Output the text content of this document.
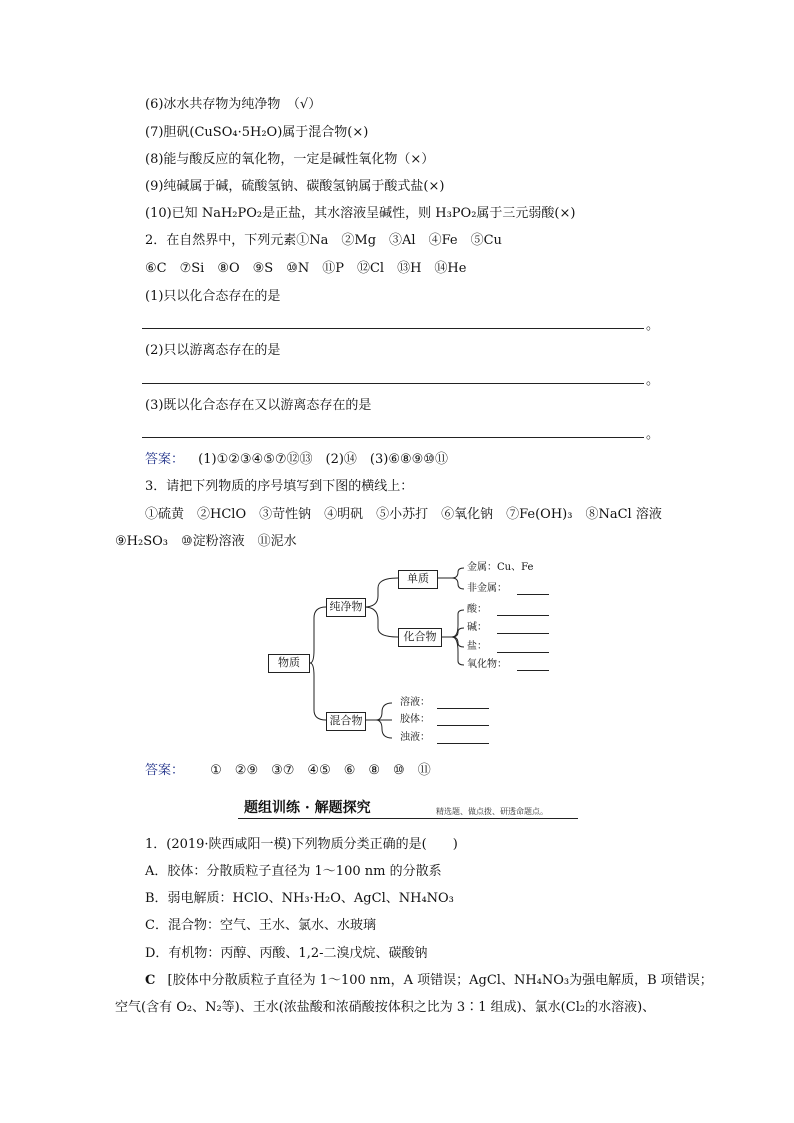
(6)冰水共存物为纯净物　（√）
(7)胆矾(CuSO₄·5H₂O)属于混合物(×)
(8)能与酸反应的氧化物，一定是碱性氧化物（×）
(9)纯碱属于碱，硫酸氢钠、碳酸氢钠属于酸式盐(×)
(10)已知 NaH₂PO₂是正盐，其水溶液呈碱性，则 H₃PO₂属于三元弱酸(×)
2．在自然界中，下列元素①Na　②Mg　③Al　④Fe　⑤Cu
⑥C　⑦Si　⑧O　⑨S　⑩N　⑪P　⑫Cl　⑬H　⑭He
(1)只以化合态存在的是
。
(2)只以游离态存在的是
。
(3)既以化合态存在又以游离态存在的是
。
答案： (1)①②③④⑤⑦⑫⑬　(2)⑭　(3)⑥⑧⑨⑩⑪
3．请把下列物质的序号填写到下图的横线上：
①硫黄　②HClO　③苛性钠　④明矾　⑤小苏打　⑥氧化钠　⑦Fe(OH)₃　⑧NaCl 溶液
⑨H₂SO₃　⑩淀粉溶液　⑪泥水
物质
纯净物
混合物
单质
化合物
金属：Cu、Fe
非金属：
酸：
碱：
盐：
氧化物：
溶液：
胶体：
浊液：
答案： ①　②⑨　③⑦　④⑤　⑥　⑧　⑩　⑪
题组训练 · 解题探究	精选题、做点拨、研透命题点。
1．(2019·陕西咸阳一模)下列物质分类正确的是(　　)
A．胶体：分散质粒子直径为 1～100 nm 的分散系
B．弱电解质：HClO、NH₃·H₂O、AgCl、NH₄NO₃
C．混合物：空气、王水、氯水、水玻璃
D．有机物：丙醇、丙酸、1,2-二溴戊烷、碳酸钠
C [胶体中分散质粒子直径为 1～100 nm，A 项错误；AgCl、NH₄NO₃为强电解质，B 项错误；
空气(含有 O₂、N₂等)、王水(浓盐酸和浓硝酸按体积之比为 3∶1 组成)、氯水(Cl₂的水溶液)、
